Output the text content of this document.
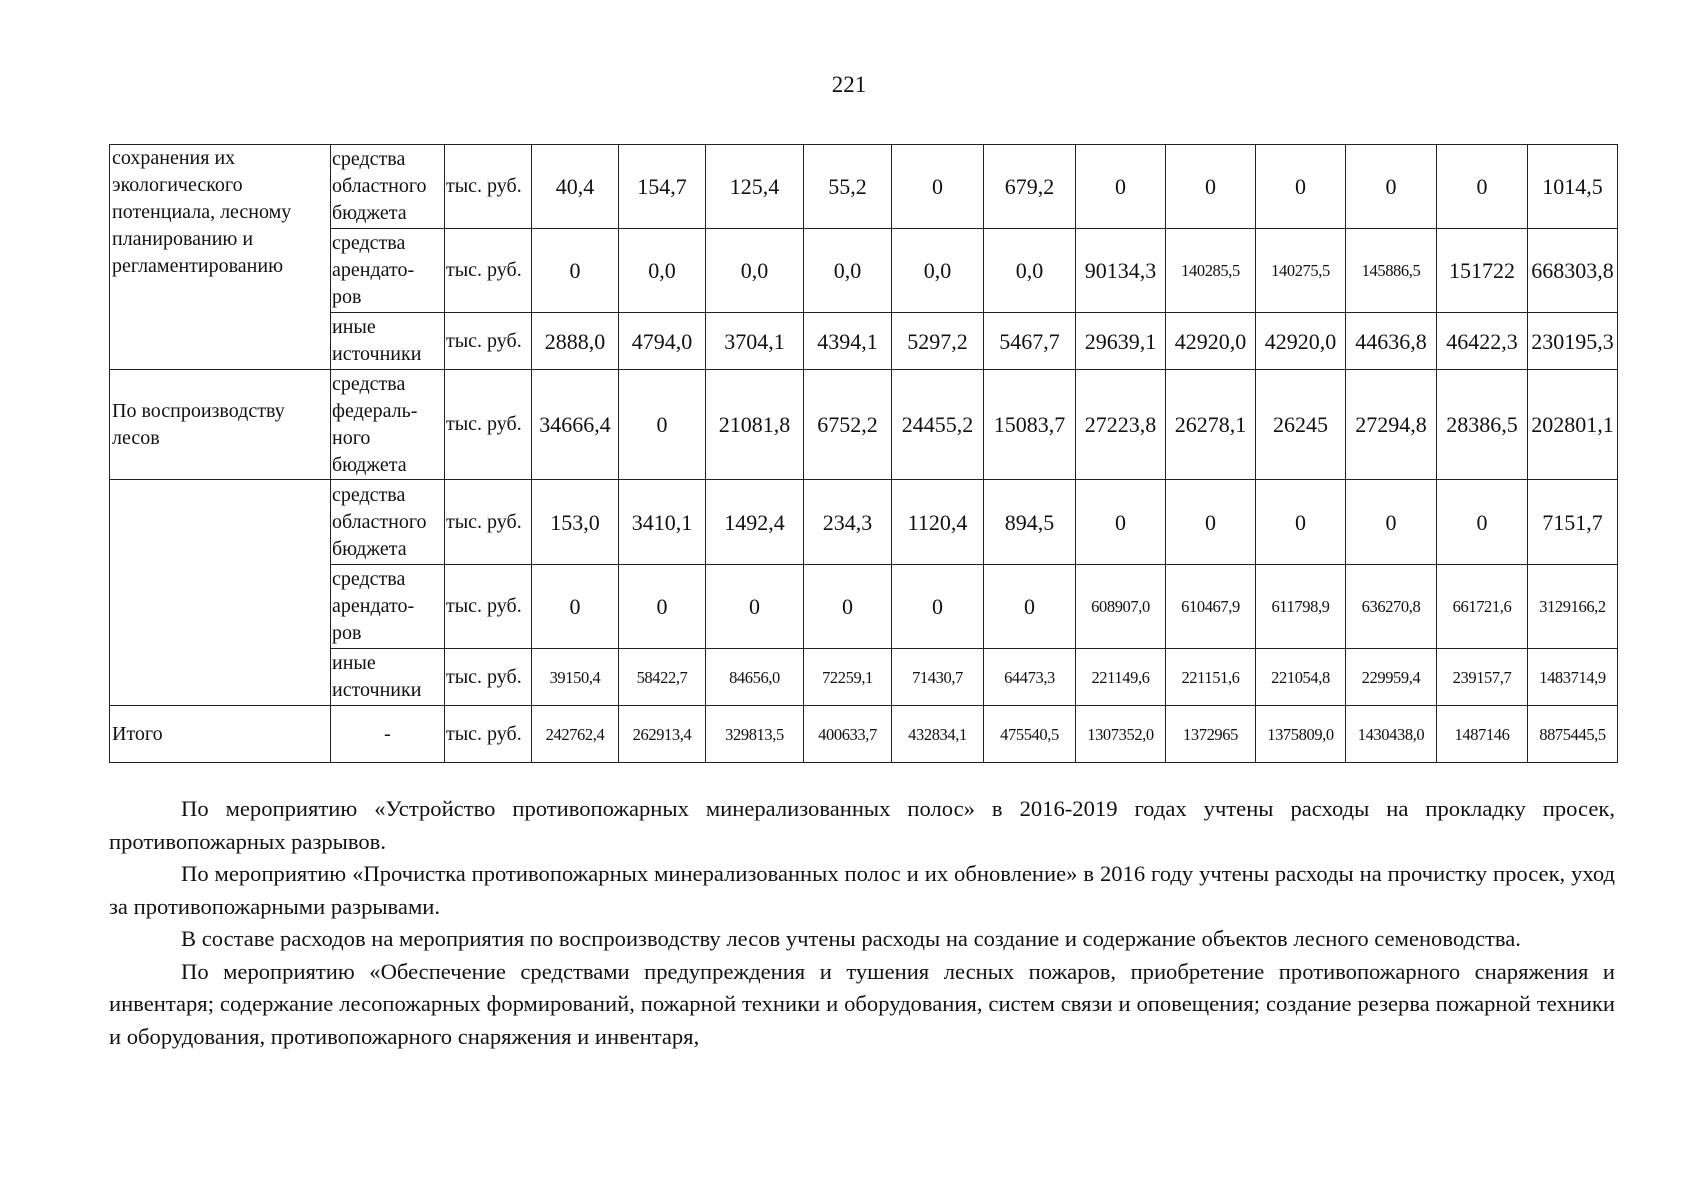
221
сохранения их экологического потенциала, лесному планированию и регламентированию	средства областного бюджета	тыс. руб.	40,4	154,7	125,4	55,2	0	679,2	0	0	0	0	0	1014,5
	средства арендато-ров	тыс. руб.	0	0,0	0,0	0,0	0,0	0,0	90134,3	140285,5	140275,5	145886,5	151722	668303,8
	иные источники	тыс. руб.	2888,0	4794,0	3704,1	4394,1	5297,2	5467,7	29639,1	42920,0	42920,0	44636,8	46422,3	230195,3
По воспроизводству лесов	средства федераль-ного бюджета	тыс. руб.	34666,4	0	21081,8	6752,2	24455,2	15083,7	27223,8	26278,1	26245	27294,8	28386,5	202801,1
	средства областного бюджета	тыс. руб.	153,0	3410,1	1492,4	234,3	1120,4	894,5	0	0	0	0	0	7151,7
	средства арендато-ров	тыс. руб.	0	0	0	0	0	0	608907,0	610467,9	611798,9	636270,8	661721,6	3129166,2
	иные источники	тыс. руб.	39150,4	58422,7	84656,0	72259,1	71430,7	64473,3	221149,6	221151,6	221054,8	229959,4	239157,7	1483714,9
Итого	-	тыс. руб.	242762,4	262913,4	329813,5	400633,7	432834,1	475540,5	1307352,0	1372965	1375809,0	1430438,0	1487146	8875445,5

По мероприятию «Устройство противопожарных минерализованных полос» в 2016-2019 годах учтены расходы на прокладку просек, противопожарных разрывов.

По мероприятию «Прочистка противопожарных минерализованных полос и их обновление» в 2016 году учтены расходы на прочистку просек, уход за противопожарными разрывами.

В составе расходов на мероприятия по воспроизводству лесов учтены расходы на создание и содержание объектов лесного семеноводства.

По мероприятию «Обеспечение средствами предупреждения и тушения лесных пожаров, приобретение противопожарного снаряжения и инвентаря; содержание лесопожарных формирований, пожарной техники и оборудования, систем связи и оповещения; создание резерва пожарной техники и оборудования, противопожарного снаряжения и инвентаря,
